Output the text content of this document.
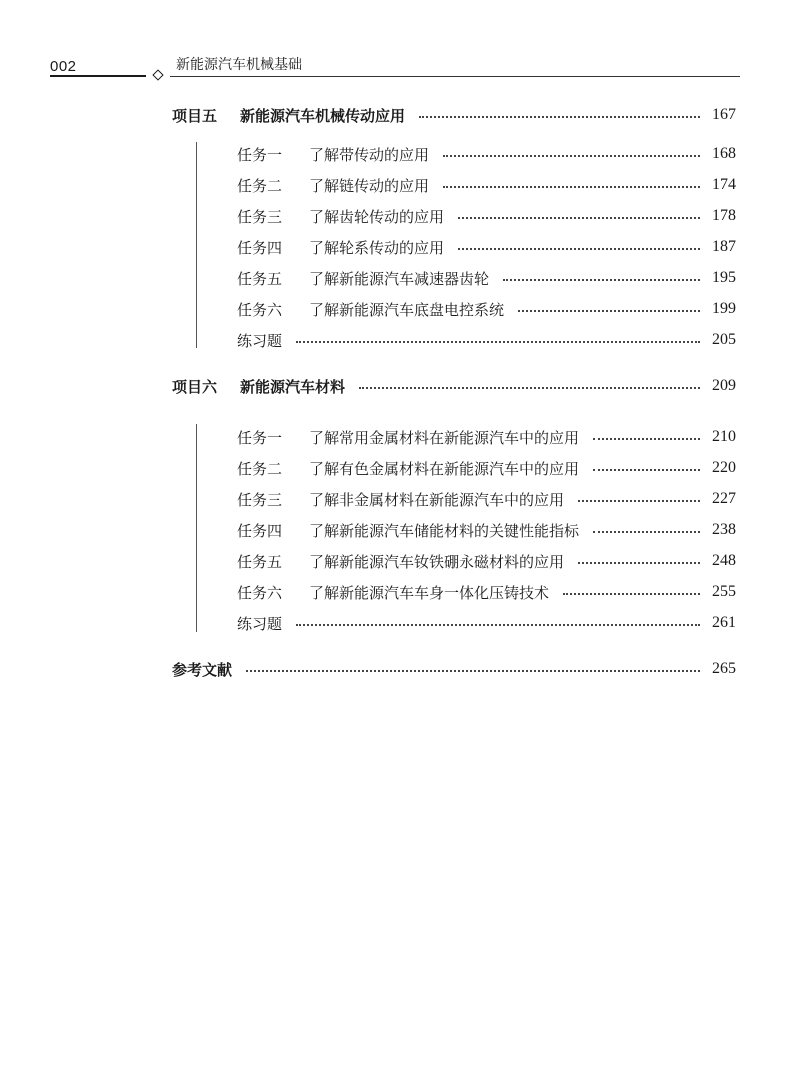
002	新能源汽车机械基础
项目五	新能源汽车机械传动应用	167
任务一	了解带传动的应用	168
任务二	了解链传动的应用	174
任务三	了解齿轮传动的应用	178
任务四	了解轮系传动的应用	187
任务五	了解新能源汽车减速器齿轮	195
任务六	了解新能源汽车底盘电控系统	199
练习题	205
项目六	新能源汽车材料	209
任务一	了解常用金属材料在新能源汽车中的应用	210
任务二	了解有色金属材料在新能源汽车中的应用	220
任务三	了解非金属材料在新能源汽车中的应用	227
任务四	了解新能源汽车储能材料的关键性能指标	238
任务五	了解新能源汽车钕铁硼永磁材料的应用	248
任务六	了解新能源汽车车身一体化压铸技术	255
练习题	261
参考文献	265
